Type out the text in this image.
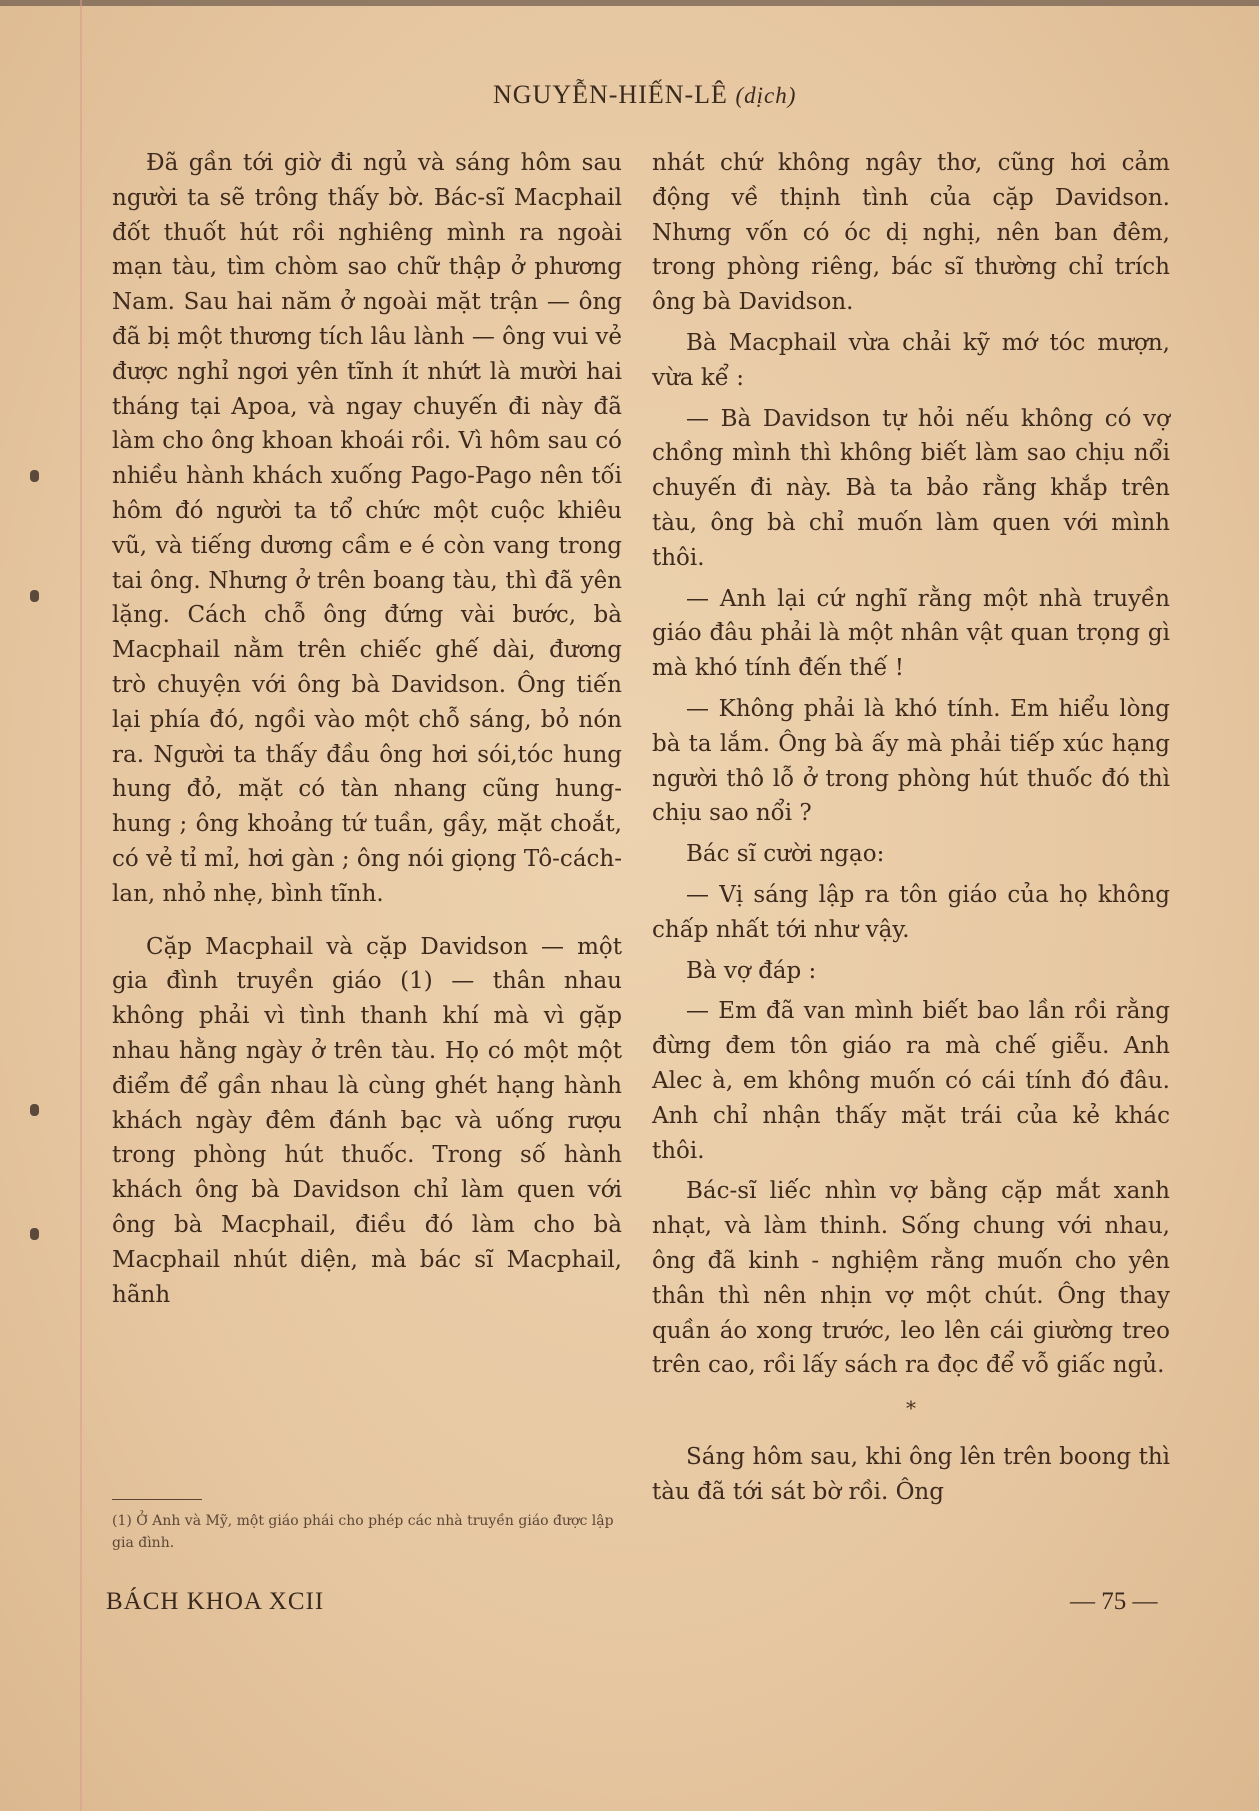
NGUYỄN-HIẾN-LÊ (dịch)

Đã gần tới giờ đi ngủ và sáng hôm sau người ta sẽ trông thấy bờ. Bác-sĩ Macphail đốt thuốt hút rồi nghiêng mình ra ngoài mạn tàu, tìm chòm sao chữ thập ở phương Nam. Sau hai năm ở ngoài mặt trận — ông đã bị một thương tích lâu lành — ông vui vẻ được nghỉ ngơi yên tĩnh ít nhứt là mười hai tháng tại Apoa, và ngay chuyến đi này đã làm cho ông khoan khoái rồi. Vì hôm sau có nhiều hành khách xuống Pago-Pago nên tối hôm đó người ta tổ chức một cuộc khiêu vũ, và tiếng dương cầm e é còn vang trong tai ông. Nhưng ở trên boang tàu, thì đã yên lặng. Cách chỗ ông đứng vài bước, bà Macphail nằm trên chiếc ghế dài, đương trò chuyện với ông bà Davidson. Ông tiến lại phía đó, ngồi vào một chỗ sáng, bỏ nón ra. Người ta thấy đầu ông hơi sói,tóc hung hung đỏ, mặt có tàn nhang cũng hung-hung ; ông khoảng tứ tuần, gầy, mặt choắt, có vẻ tỉ mỉ, hơi gàn ; ông nói giọng Tô-cách-lan, nhỏ nhẹ, bình tĩnh.

Cặp Macphail và cặp Davidson — một gia đình truyền giáo (1) — thân nhau không phải vì tình thanh khí mà vì gặp nhau hằng ngày ở trên tàu. Họ có một một điểm để gần nhau là cùng ghét hạng hành khách ngày đêm đánh bạc và uống rượu trong phòng hút thuốc. Trong số hành khách ông bà Davidson chỉ làm quen với ông bà Macphail, điều đó làm cho bà Macphail nhút diện, mà bác sĩ Macphail, hãnh

nhát chứ không ngây thơ, cũng hơi cảm động về thịnh tình của cặp Davidson. Nhưng vốn có óc dị nghị, nên ban đêm, trong phòng riêng, bác sĩ thường chỉ trích ông bà Davidson.

Bà Macphail vừa chải kỹ mớ tóc mượn, vừa kể :

— Bà Davidson tự hỏi nếu không có vợ chồng mình thì không biết làm sao chịu nổi chuyến đi này. Bà ta bảo rằng khắp trên tàu, ông bà chỉ muốn làm quen với mình thôi.

— Anh lại cứ nghĩ rằng một nhà truyền giáo đâu phải là một nhân vật quan trọng gì mà khó tính đến thế !

— Không phải là khó tính. Em hiểu lòng bà ta lắm. Ông bà ấy mà phải tiếp xúc hạng người thô lỗ ở trong phòng hút thuốc đó thì chịu sao nổi ?

Bác sĩ cười ngạo:

— Vị sáng lập ra tôn giáo của họ không chấp nhất tới như vậy.

Bà vợ đáp :

— Em đã van mình biết bao lần rồi rằng đừng đem tôn giáo ra mà chế giễu. Anh Alec à, em không muốn có cái tính đó đâu. Anh chỉ nhận thấy mặt trái của kẻ khác thôi.

Bác-sĩ liếc nhìn vợ bằng cặp mắt xanh nhạt, và làm thinh. Sống chung với nhau, ông đã kinh - nghiệm rằng muốn cho yên thân thì nên nhịn vợ một chút. Ông thay quần áo xong trước, leo lên cái giường treo trên cao, rồi lấy sách ra đọc để vỗ giấc ngủ.

*

Sáng hôm sau, khi ông lên trên boong thì tàu đã tới sát bờ rồi. Ông

(1) Ở Anh và Mỹ, một giáo phái cho phép các nhà truyền giáo được lập gia đình.
BÁCH KHOA XCII	— 75 —
